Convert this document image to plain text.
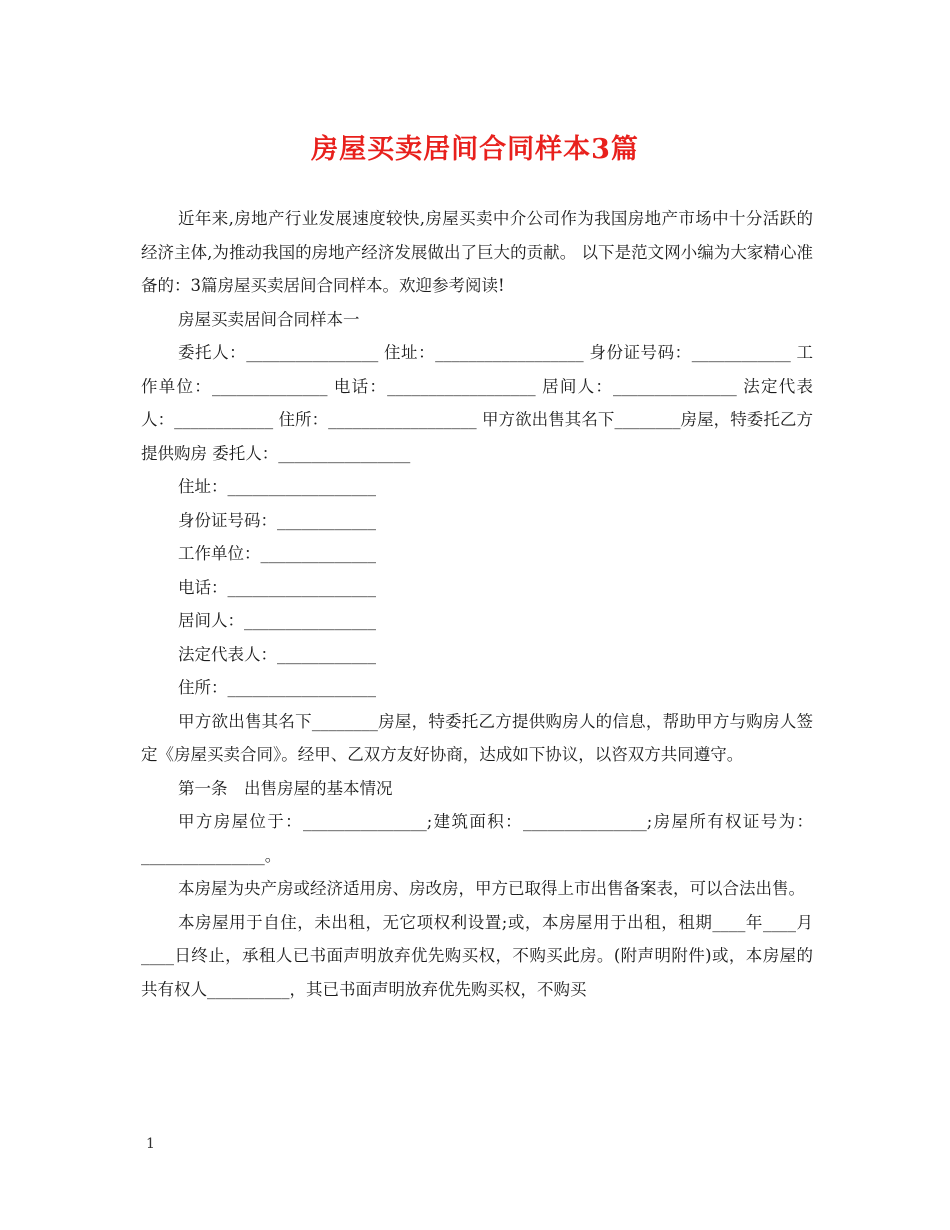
房屋买卖居间合同样本3篇

近年来,房地产行业发展速度较快,房屋买卖中介公司作为我国房地产市场中十分活跃的经济主体,为推动我国的房地产经济发展做出了巨大的贡献。 以下是范文网小编为大家精心准备的：3篇房屋买卖居间合同样本。欢迎参考阅读!

房屋买卖居间合同样本一

委托人：________________ 住址：__________________ 身份证号码：____________ 工作单位：______________ 电话：__________________ 居间人：_______________ 法定代表人：____________ 住所：__________________ 甲方欲出售其名下________房屋，特委托乙方提供购房 委托人：________________

住址：__________________

身份证号码：____________

工作单位：______________

电话：__________________

居间人：________________

法定代表人：____________

住所：__________________

甲方欲出售其名下________房屋，特委托乙方提供购房人的信息，帮助甲方与购房人签定《房屋买卖合同》。经甲、乙双方友好协商，达成如下协议，以咨双方共同遵守。

第一条　出售房屋的基本情况

甲方房屋位于：_______________;建筑面积：_______________;房屋所有权证号为：_______________。

本房屋为央产房或经济适用房、房改房，甲方已取得上市出售备案表，可以合法出售。

本房屋用于自住，未出租，无它项权利设置;或，本房屋用于出租，租期____年____月____日终止，承租人已书面声明放弃优先购买权，不购买此房。(附声明附件)或，本房屋的共有权人__________，其已书面声明放弃优先购买权，不购买

1
